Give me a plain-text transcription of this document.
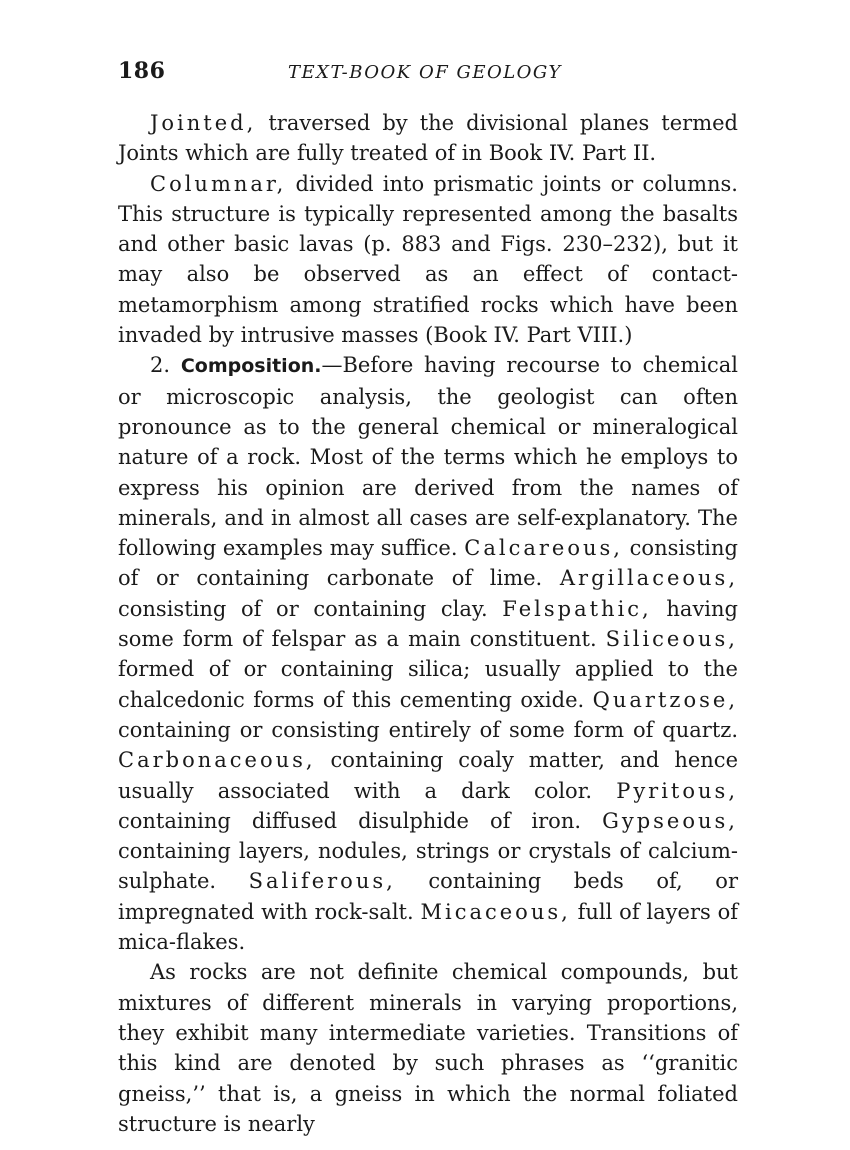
186	TEXT-BOOK OF GEOLOGY

Jointed, traversed by the divisional planes termed Joints which are fully treated of in Book IV. Part II.

Columnar, divided into prismatic joints or columns. This structure is typically represented among the basalts and other basic lavas (p. 883 and Figs. 230–232), but it may also be observed as an effect of contact-metamorphism among stratified rocks which have been invaded by intrusive masses (Book IV. Part VIII.)

2. Composition.—Before having recourse to chemical or microscopic analysis, the geologist can often pronounce as to the general chemical or mineralogical nature of a rock. Most of the terms which he employs to express his opinion are derived from the names of minerals, and in almost all cases are self-explanatory. The following examples may suffice. Calcareous, consisting of or containing carbonate of lime. Argillaceous, consisting of or containing clay. Felspathic, having some form of felspar as a main constituent. Siliceous, formed of or containing silica; usually applied to the chalcedonic forms of this cementing oxide. Quartzose, containing or consisting entirely of some form of quartz. Carbonaceous, containing coaly matter, and hence usually associated with a dark color. Pyritous, containing diffused disulphide of iron. Gypseous, containing layers, nodules, strings or crystals of calcium-sulphate. Saliferous, containing beds of, or impregnated with rock-salt. Micaceous, full of layers of mica-flakes.

As rocks are not definite chemical compounds, but mixtures of different minerals in varying proportions, they exhibit many intermediate varieties. Transitions of this kind are denoted by such phrases as ‘‘granitic gneiss,’’ that is, a gneiss in which the normal foliated structure is nearly
